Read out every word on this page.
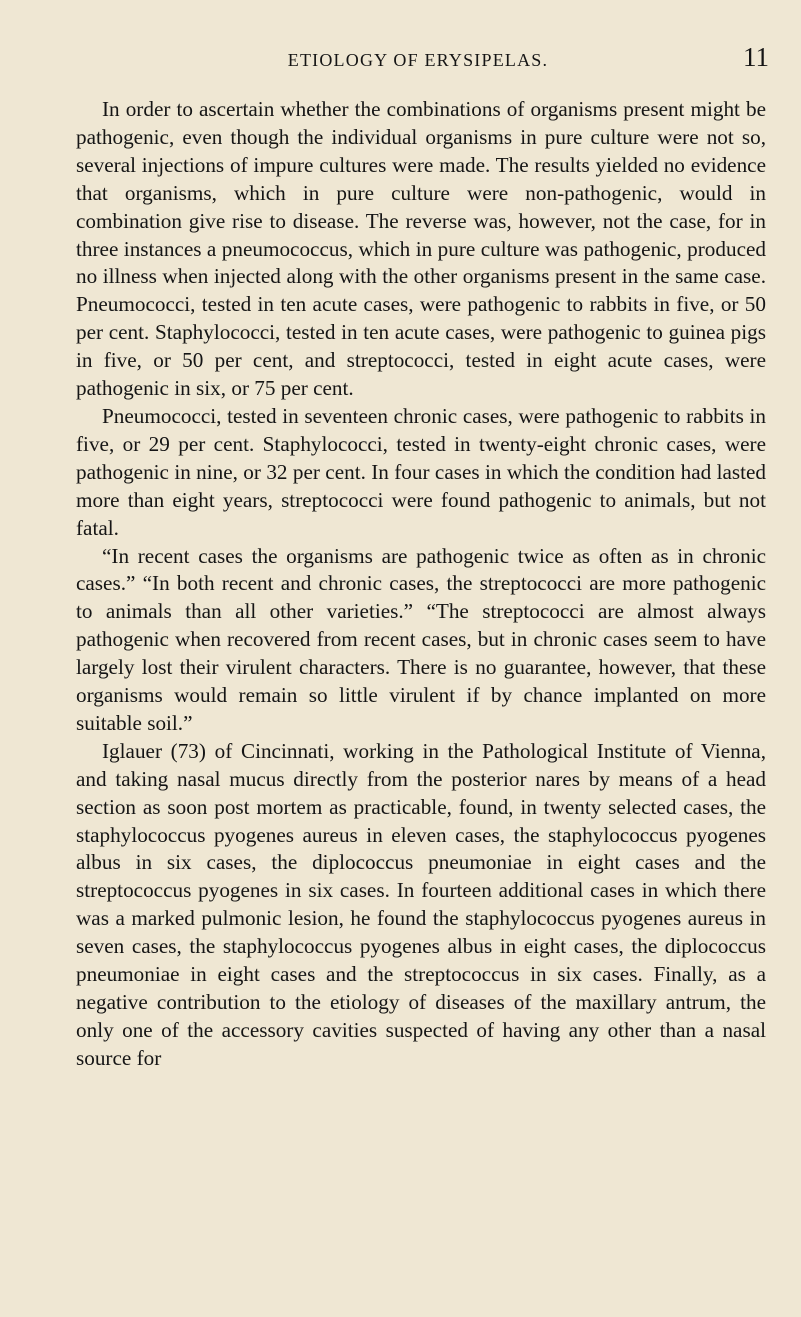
ETIOLOGY OF ERYSIPELAS.	11

In order to ascertain whether the combinations of organisms present might be pathogenic, even though the individual organisms in pure culture were not so, several injections of impure cultures were made. The results yielded no evidence that organisms, which in pure culture were non-pathogenic, would in combination give rise to disease. The reverse was, however, not the case, for in three instances a pneumococcus, which in pure culture was pathogenic, produced no illness when injected along with the other organisms present in the same case. Pneumococci, tested in ten acute cases, were pathogenic to rabbits in five, or 50 per cent. Staphylococci, tested in ten acute cases, were pathogenic to guinea pigs in five, or 50 per cent, and streptococci, tested in eight acute cases, were pathogenic in six, or 75 per cent.

Pneumococci, tested in seventeen chronic cases, were pathogenic to rabbits in five, or 29 per cent. Staphylococci, tested in twenty-eight chronic cases, were pathogenic in nine, or 32 per cent. In four cases in which the condition had lasted more than eight years, streptococci were found pathogenic to animals, but not fatal.

“In recent cases the organisms are pathogenic twice as often as in chronic cases.” “In both recent and chronic cases, the streptococci are more pathogenic to animals than all other varieties.” “The streptococci are almost always pathogenic when recovered from recent cases, but in chronic cases seem to have largely lost their virulent characters. There is no guarantee, however, that these organisms would remain so little virulent if by chance implanted on more suitable soil.”

Iglauer (73) of Cincinnati, working in the Pathological Institute of Vienna, and taking nasal mucus directly from the posterior nares by means of a head section as soon post mortem as practicable, found, in twenty selected cases, the staphylococcus pyogenes aureus in eleven cases, the staphylococcus pyogenes albus in six cases, the diplococcus pneumoniae in eight cases and the streptococcus pyogenes in six cases. In fourteen additional cases in which there was a marked pulmonic lesion, he found the staphylococcus pyogenes aureus in seven cases, the staphylococcus pyogenes albus in eight cases, the diplococcus pneumoniae in eight cases and the streptococcus in six cases. Finally, as a negative contribution to the etiology of diseases of the maxillary antrum, the only one of the accessory cavities suspected of having any other than a nasal source for
